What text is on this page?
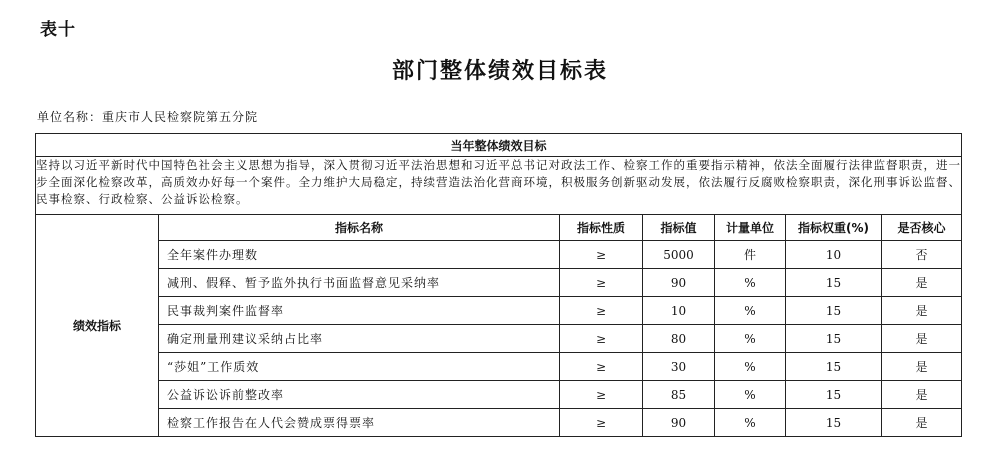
表十
部门整体绩效目标表
单位名称：重庆市人民检察院第五分院
当年整体绩效目标						
坚持以习近平新时代中国特色社会主义思想为指导，深入贯彻习近平法治思想和习近平总书记对政法工作、检察工作的重要指示精神，依法全面履行法律监督职责，进一步全面深化检察改革，高质效办好每一个案件。全力维护大局稳定，持续营造法治化营商环境，积极服务创新驱动发展，依法履行反腐败检察职责，深化刑事诉讼监督、民事检察、行政检察、公益诉讼检察。						
绩效指标	指标名称	指标性质	指标值	计量单位	指标权重(%)	是否核心
	全年案件办理数	≥	5000	件	10	否
	减刑、假释、暂予监外执行书面监督意见采纳率	≥	90	%	15	是
	民事裁判案件监督率	≥	10	%	15	是
	确定刑量刑建议采纳占比率	≥	80	%	15	是
	“莎姐”工作质效	≥	30	%	15	是
	公益诉讼诉前整改率	≥	85	%	15	是
	检察工作报告在人代会赞成票得票率	≥	90	%	15	是
